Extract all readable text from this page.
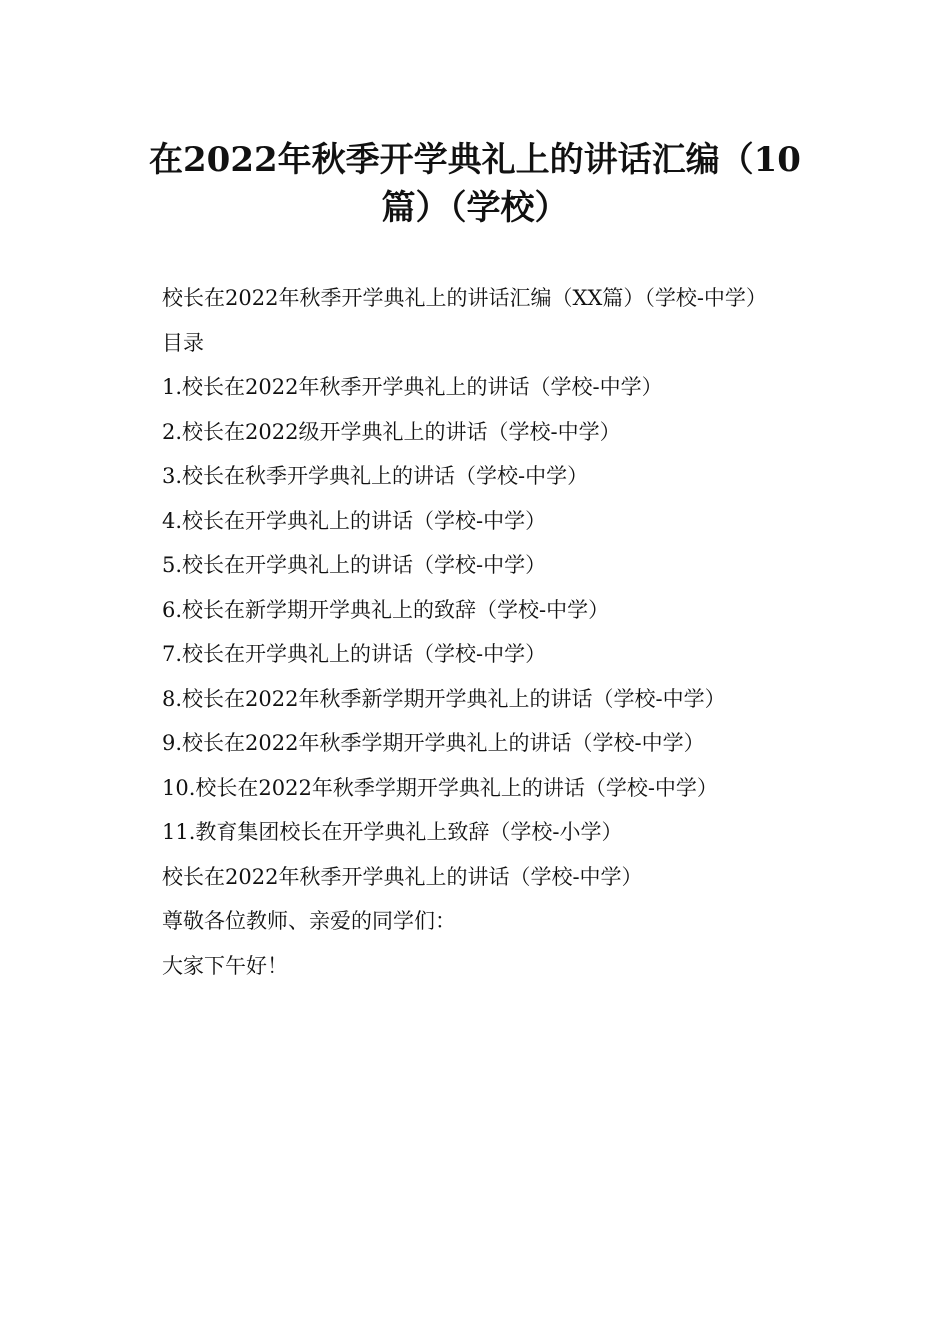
在2022年秋季开学典礼上的讲话汇编（10
篇）（学校）

校长在2022年秋季开学典礼上的讲话汇编（XX篇）（学校-中学）

目录

1.校长在2022年秋季开学典礼上的讲话（学校-中学）

2.校长在2022级开学典礼上的讲话（学校-中学）

3.校长在秋季开学典礼上的讲话（学校-中学）

4.校长在开学典礼上的讲话（学校-中学）

5.校长在开学典礼上的讲话（学校-中学）

6.校长在新学期开学典礼上的致辞（学校-中学）

7.校长在开学典礼上的讲话（学校-中学）

8.校长在2022年秋季新学期开学典礼上的讲话（学校-中学）

9.校长在2022年秋季学期开学典礼上的讲话（学校-中学）

10.校长在2022年秋季学期开学典礼上的讲话（学校-中学）

11.教育集团校长在开学典礼上致辞（学校-小学）

校长在2022年秋季开学典礼上的讲话（学校-中学）

尊敬各位教师、亲爱的同学们：

大家下午好！
